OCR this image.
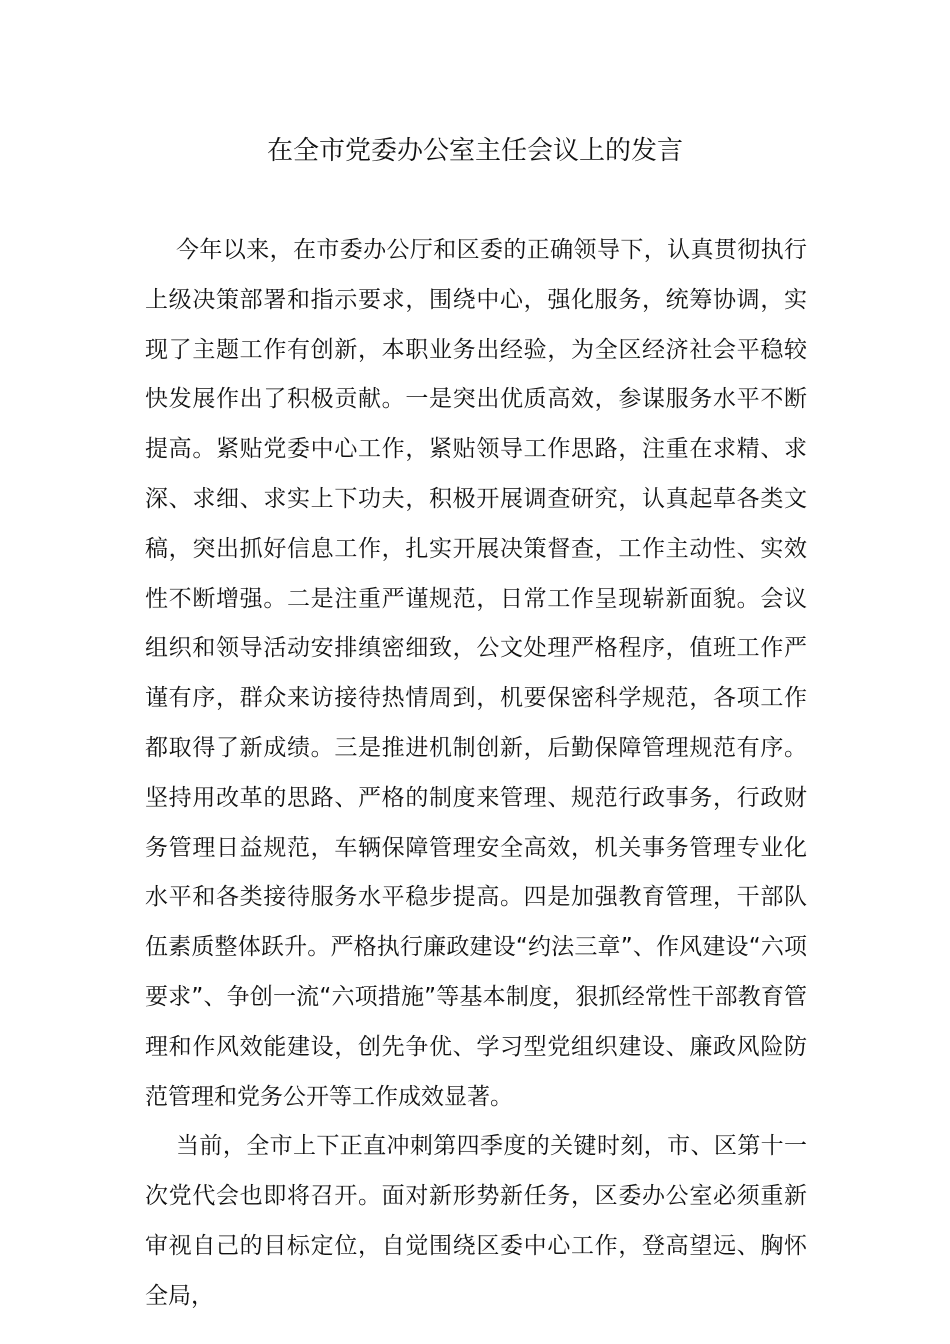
在全市党委办公室主任会议上的发言

今年以来，在市委办公厅和区委的正确领导下，认真贯彻执行上级决策部署和指示要求，围绕中心，强化服务，统筹协调，实现了主题工作有创新，本职业务出经验，为全区经济社会平稳较快发展作出了积极贡献。一是突出优质高效，参谋服务水平不断提高。紧贴党委中心工作，紧贴领导工作思路，注重在求精、求深、求细、求实上下功夫，积极开展调查研究，认真起草各类文稿，突出抓好信息工作，扎实开展决策督查，工作主动性、实效性不断增强。二是注重严谨规范，日常工作呈现崭新面貌。会议组织和领导活动安排缜密细致，公文处理严格程序，值班工作严谨有序，群众来访接待热情周到，机要保密科学规范，各项工作都取得了新成绩。三是推进机制创新，后勤保障管理规范有序。坚持用改革的思路、严格的制度来管理、规范行政事务，行政财务管理日益规范，车辆保障管理安全高效，机关事务管理专业化水平和各类接待服务水平稳步提高。四是加强教育管理，干部队伍素质整体跃升。严格执行廉政建设“约法三章”、作风建设“六项要求”、争创一流“六项措施”等基本制度，狠抓经常性干部教育管理和作风效能建设，创先争优、学习型党组织建设、廉政风险防范管理和党务公开等工作成效显著。

当前，全市上下正直冲刺第四季度的关键时刻，市、区第十一次党代会也即将召开。面对新形势新任务，区委办公室必须重新审视自己的目标定位，自觉围绕区委中心工作，登高望远、胸怀全局，
